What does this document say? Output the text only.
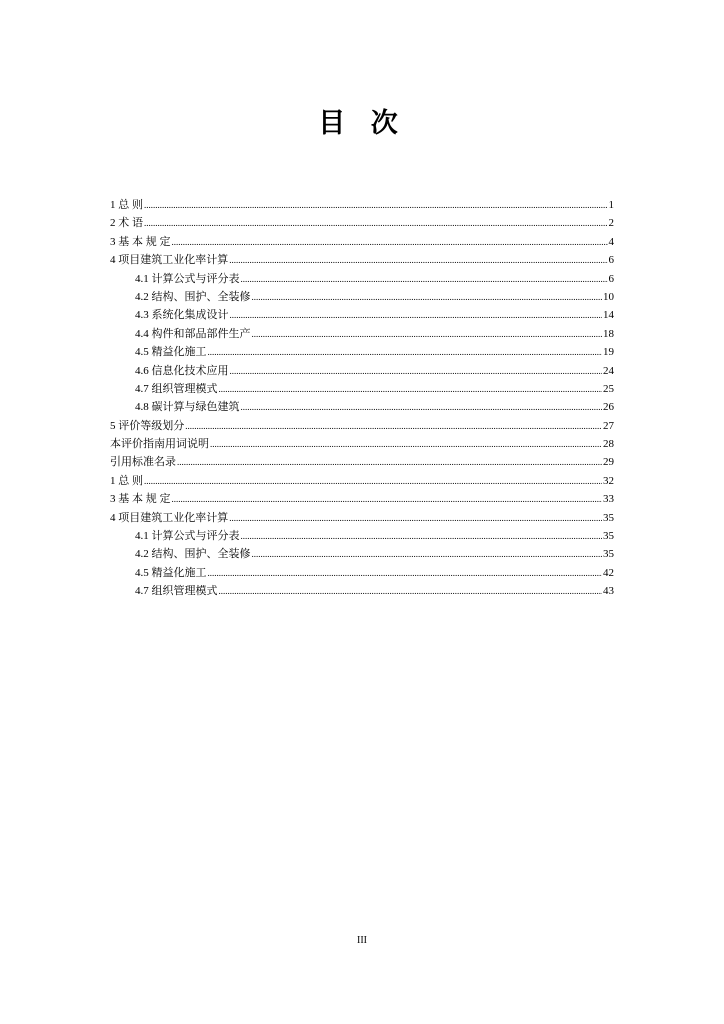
目 次
1 总 则 .....	1
2 术 语 .....	2
3 基 本 规 定 .....	4
4 项目建筑工业化率计算 .....	6
4.1 计算公式与评分表 .....	6
4.2 结构、围护、全装修 .....	10
4.3 系统化集成设计 .....	14
4.4 构件和部品部件生产 .....	18
4.5 精益化施工 .....	19
4.6 信息化技术应用 .....	24
4.7 组织管理模式 .....	25
4.8 碳计算与绿色建筑 .....	26
5 评价等级划分 .....	27
本评价指南用词说明 .....	28
引用标准名录 .....	29
1 总 则 .....	32
3 基 本 规 定 .....	33
4 项目建筑工业化率计算 .....	35
4.1 计算公式与评分表 .....	35
4.2 结构、围护、全装修 .....	35
4.5 精益化施工 .....	42
4.7 组织管理模式 .....	43
III
